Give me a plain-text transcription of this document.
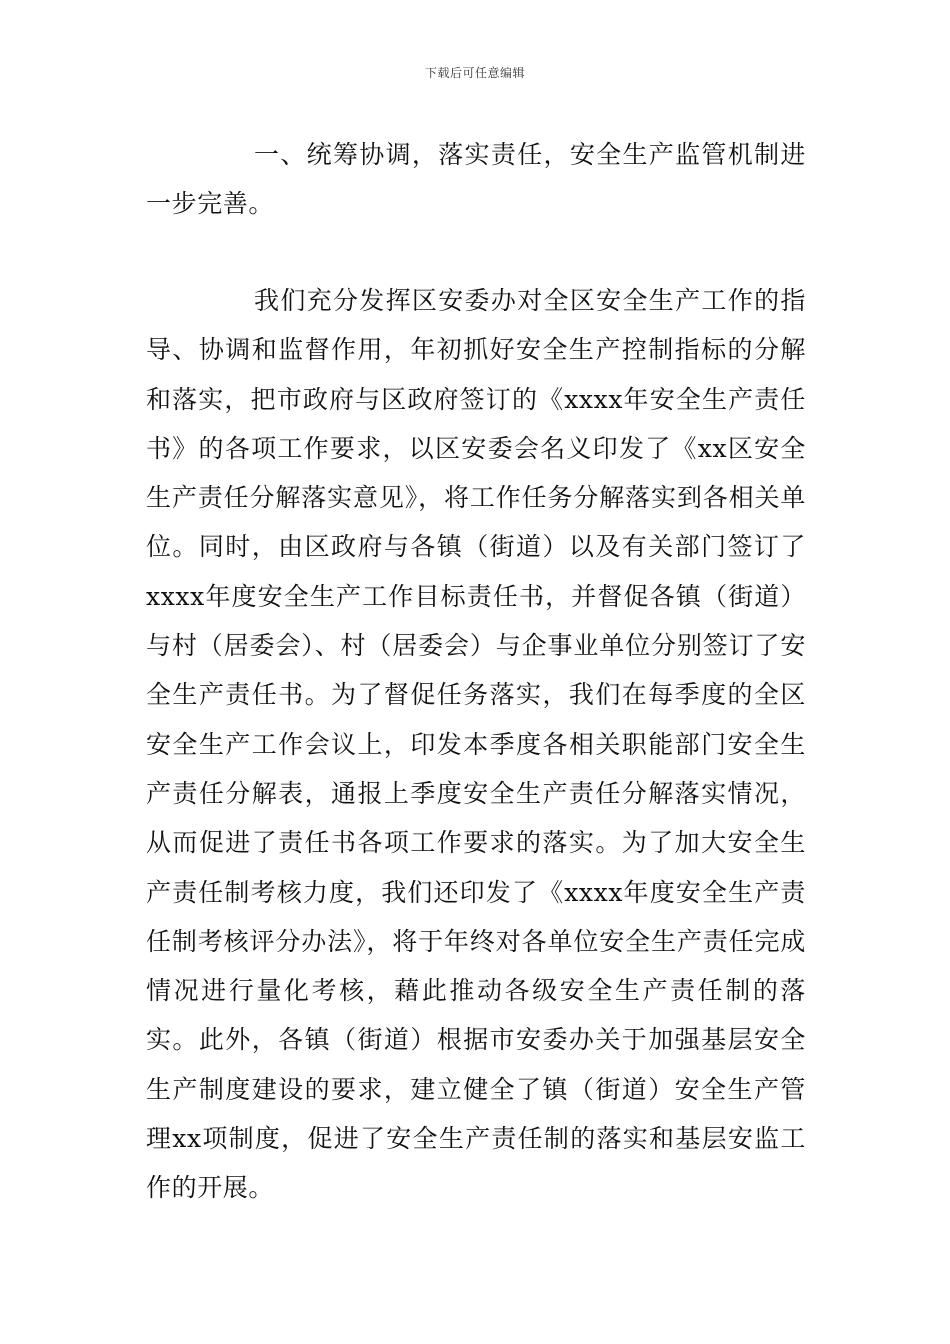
下载后可任意编辑

一、统筹协调，落实责任，安全生产监管机制进一步完善。

我们充分发挥区安委办对全区安全生产工作的指导、协调和监督作用，年初抓好安全生产控制指标的分解和落实，把市政府与区政府签订的《xxxx年安全生产责任书》的各项工作要求，以区安委会名义印发了《xx区安全生产责任分解落实意见》，将工作任务分解落实到各相关单位。同时，由区政府与各镇（街道）以及有关部门签订了xxxx年度安全生产工作目标责任书，并督促各镇（街道）与村（居委会）、村（居委会）与企事业单位分别签订了安全生产责任书。为了督促任务落实，我们在每季度的全区安全生产工作会议上，印发本季度各相关职能部门安全生产责任分解表，通报上季度安全生产责任分解落实情况，从而促进了责任书各项工作要求的落实。为了加大安全生产责任制考核力度，我们还印发了《xxxx年度安全生产责任制考核评分办法》，将于年终对各单位安全生产责任完成情况进行量化考核，藉此推动各级安全生产责任制的落实。此外，各镇（街道）根据市安委办关于加强基层安全生产制度建设的要求，建立健全了镇（街道）安全生产管理xx项制度，促进了安全生产责任制的落实和基层安监工作的开展。
